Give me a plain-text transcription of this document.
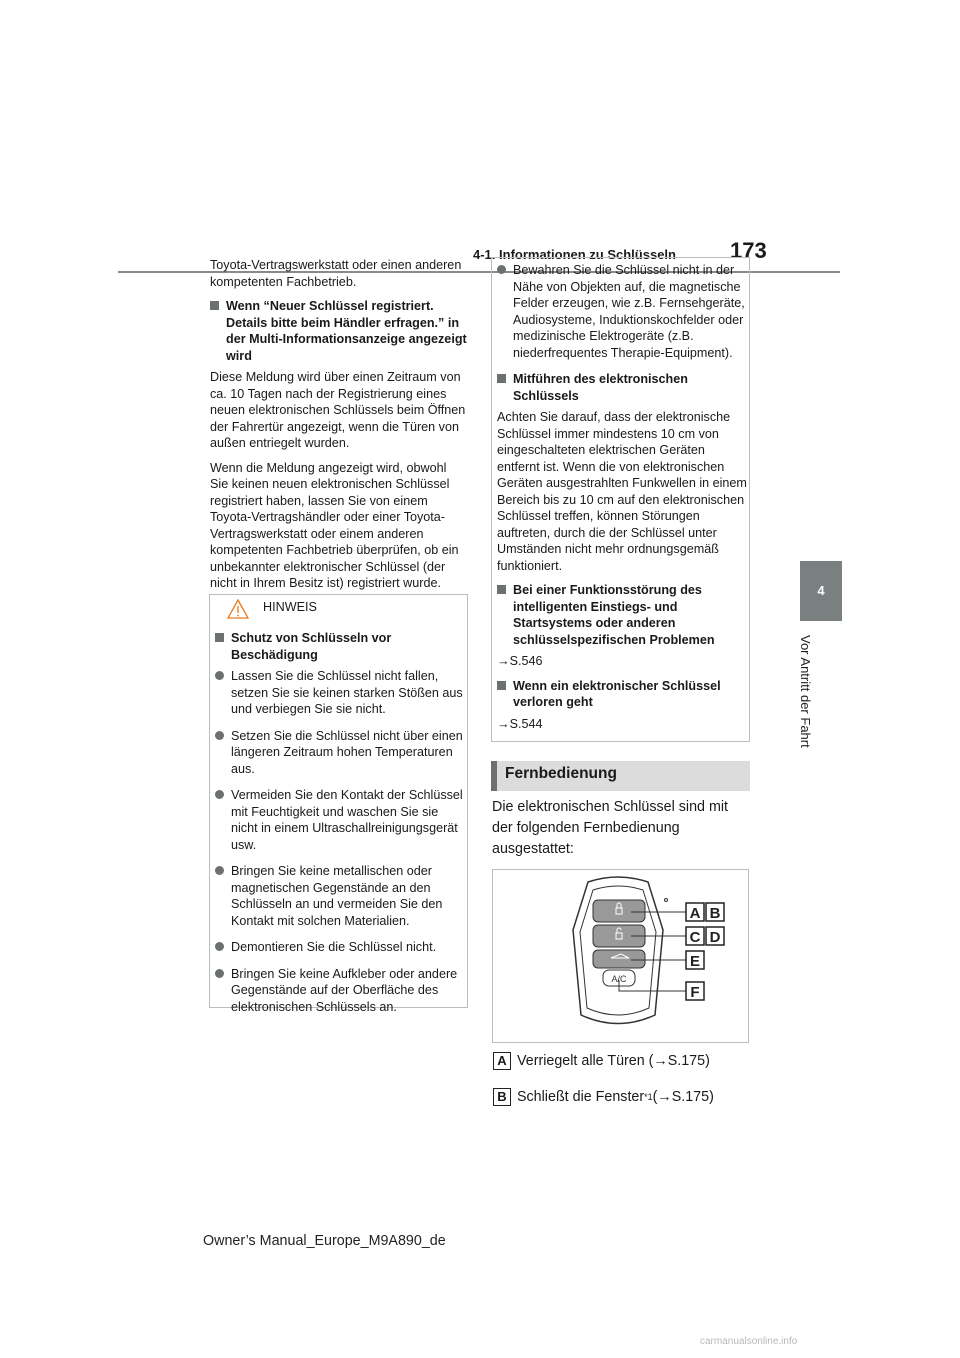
173
4-1. Informationen zu Schlüsseln
4
Vor Antritt der Fahrt

Toyota-Vertragswerkstatt oder einen anderen kompetenten Fachbetrieb.

Wenn “Neuer Schlüssel registriert. Details bitte beim Händler erfragen.” in der Multi-Informationsanzeige angezeigt wird

Diese Meldung wird über einen Zeitraum von ca. 10 Tagen nach der Registrierung eines neuen elektronischen Schlüssels beim Öffnen der Fahrertür angezeigt, wenn die Türen von außen entriegelt wurden.

Wenn die Meldung angezeigt wird, obwohl Sie keinen neuen elektronischen Schlüssel registriert haben, lassen Sie von einem Toyota-Vertragshändler oder einer Toyota-Vertragswerkstatt oder einem anderen kompetenten Fachbetrieb überprüfen, ob ein unbekannter elektronischer Schlüssel (der nicht in Ihrem Besitz ist) registriert wurde.

HINWEIS
Schutz von Schlüsseln vor Beschädigung
Lassen Sie die Schlüssel nicht fallen, setzen Sie sie keinen starken Stößen aus und verbiegen Sie sie nicht.
Setzen Sie die Schlüssel nicht über einen längeren Zeitraum hohen Temperaturen aus.
Vermeiden Sie den Kontakt der Schlüssel mit Feuchtigkeit und waschen Sie sie nicht in einem Ultraschallreinigungsgerät usw.
Bringen Sie keine metallischen oder magnetischen Gegenstände an den Schlüsseln an und vermeiden Sie den Kontakt mit solchen Materialien.
Demontieren Sie die Schlüssel nicht.
Bringen Sie keine Aufkleber oder andere Gegenstände auf der Oberfläche des elektronischen Schlüssels an.
Bewahren Sie die Schlüssel nicht in der Nähe von Objekten auf, die magnetische Felder erzeugen, wie z.B. Fernsehgeräte, Audiosysteme, Induktionskochfelder oder medizinische Elektrogeräte (z.B. niederfrequentes Therapie-Equipment).
Mitführen des elektronischen Schlüssels

Achten Sie darauf, dass der elektronische Schlüssel immer mindestens 10 cm von eingeschalteten elektrischen Geräten entfernt ist. Wenn die von elektronischen Geräten ausgestrahlten Funkwellen in einem Bereich bis zu 10 cm auf den elektronischen Schlüssel treffen, können Störungen auftreten, durch die der Schlüssel unter Umständen nicht mehr ordnungsgemäß funktioniert.

Bei einer Funktionsstörung des intelligenten Einstiegs- und Startsystems oder anderen schlüsselspezifischen Problemen

→S.546

Wenn ein elektronischer Schlüssel verloren geht

→S.544

Fernbedienung
Die elektronischen Schlüssel sind mit der folgenden Fernbedienung ausgestattet:
A/C
A B
C D
E
F
A Verriegelt alle Türen ( →S.175)
B Schließt die Fenster *1 (→S.175)
Owner’s Manual_Europe_M9A890_de
carmanualsonline.info
